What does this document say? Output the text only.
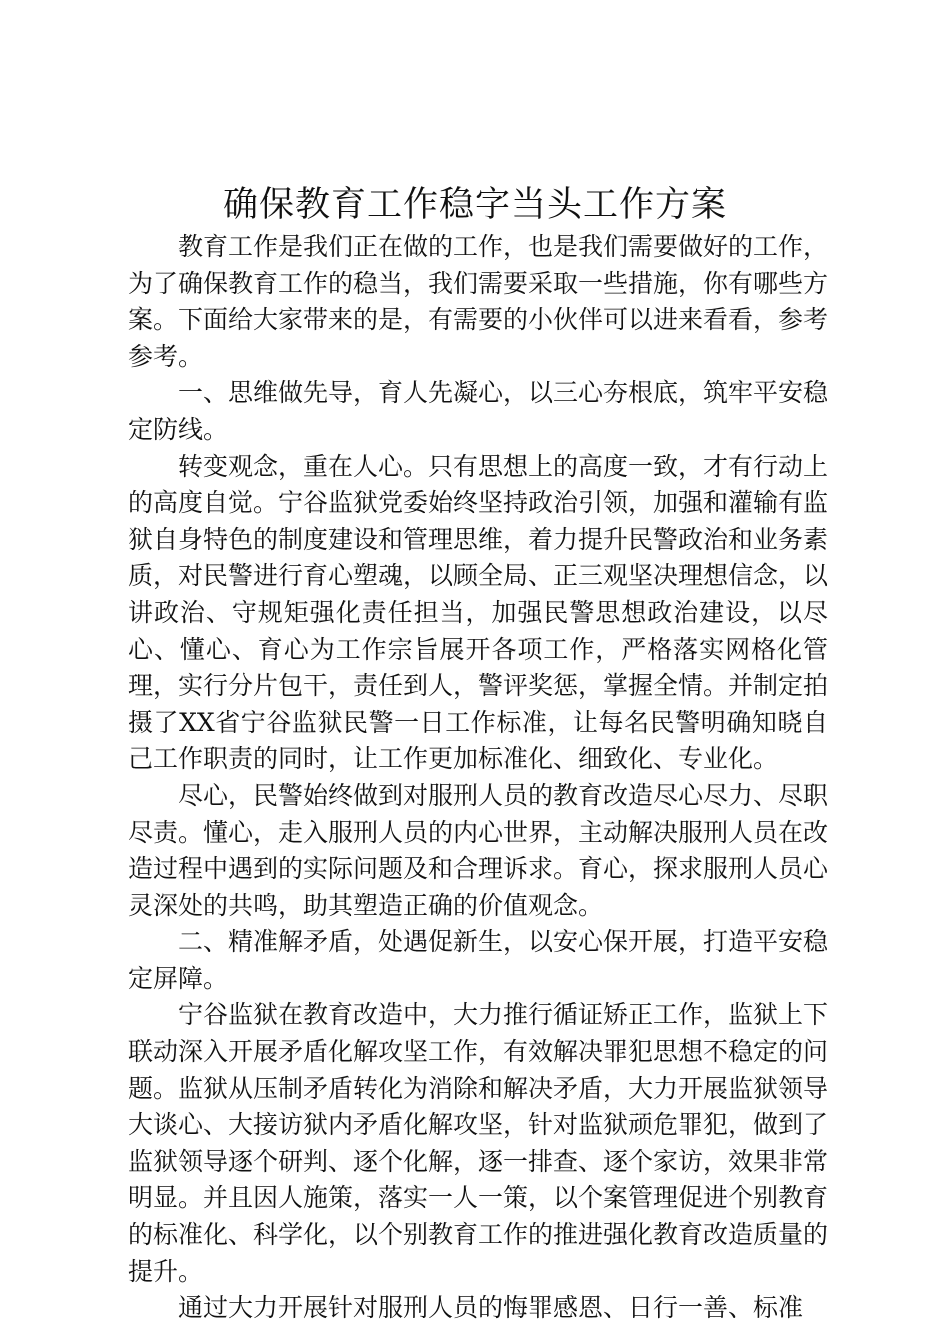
确保教育工作稳字当头工作方案

教育工作是我们正在做的工作，也是我们需要做好的工作，为了确保教育工作的稳当，我们需要采取一些措施，你有哪些方案。下面给大家带来的是，有需要的小伙伴可以进来看看，参考参考。

一、思维做先导，育人先凝心，以三心夯根底，筑牢平安稳定防线。

转变观念，重在人心。只有思想上的高度一致，才有行动上的高度自觉。宁谷监狱党委始终坚持政治引领，加强和灌输有监狱自身特色的制度建设和管理思维，着力提升民警政治和业务素质，对民警进行育心塑魂，以顾全局、正三观坚决理想信念，以讲政治、守规矩强化责任担当，加强民警思想政治建设，以尽心、懂心、育心为工作宗旨展开各项工作，严格落实网格化管理，实行分片包干，责任到人，警评奖惩，掌握全情。并制定拍摄了XX省宁谷监狱民警一日工作标准，让每名民警明确知晓自己工作职责的同时，让工作更加标准化、细致化、专业化。

尽心，民警始终做到对服刑人员的教育改造尽心尽力、尽职尽责。懂心，走入服刑人员的内心世界，主动解决服刑人员在改造过程中遇到的实际问题及和合理诉求。育心，探求服刑人员心灵深处的共鸣，助其塑造正确的价值观念。

二、精准解矛盾，处遇促新生，以安心保开展，打造平安稳定屏障。

宁谷监狱在教育改造中，大力推行循证矫正工作，监狱上下联动深入开展矛盾化解攻坚工作，有效解决罪犯思想不稳定的问题。监狱从压制矛盾转化为消除和解决矛盾，大力开展监狱领导大谈心、大接访狱内矛盾化解攻坚，针对监狱顽危罪犯，做到了监狱领导逐个研判、逐个化解，逐一排查、逐个家访，效果非常明显。并且因人施策，落实一人一策，以个案管理促进个别教育的标准化、科学化，以个别教育工作的推进强化教育改造质量的提升。

通过大力开展针对服刑人员的悔罪感恩、日行一善、标准
